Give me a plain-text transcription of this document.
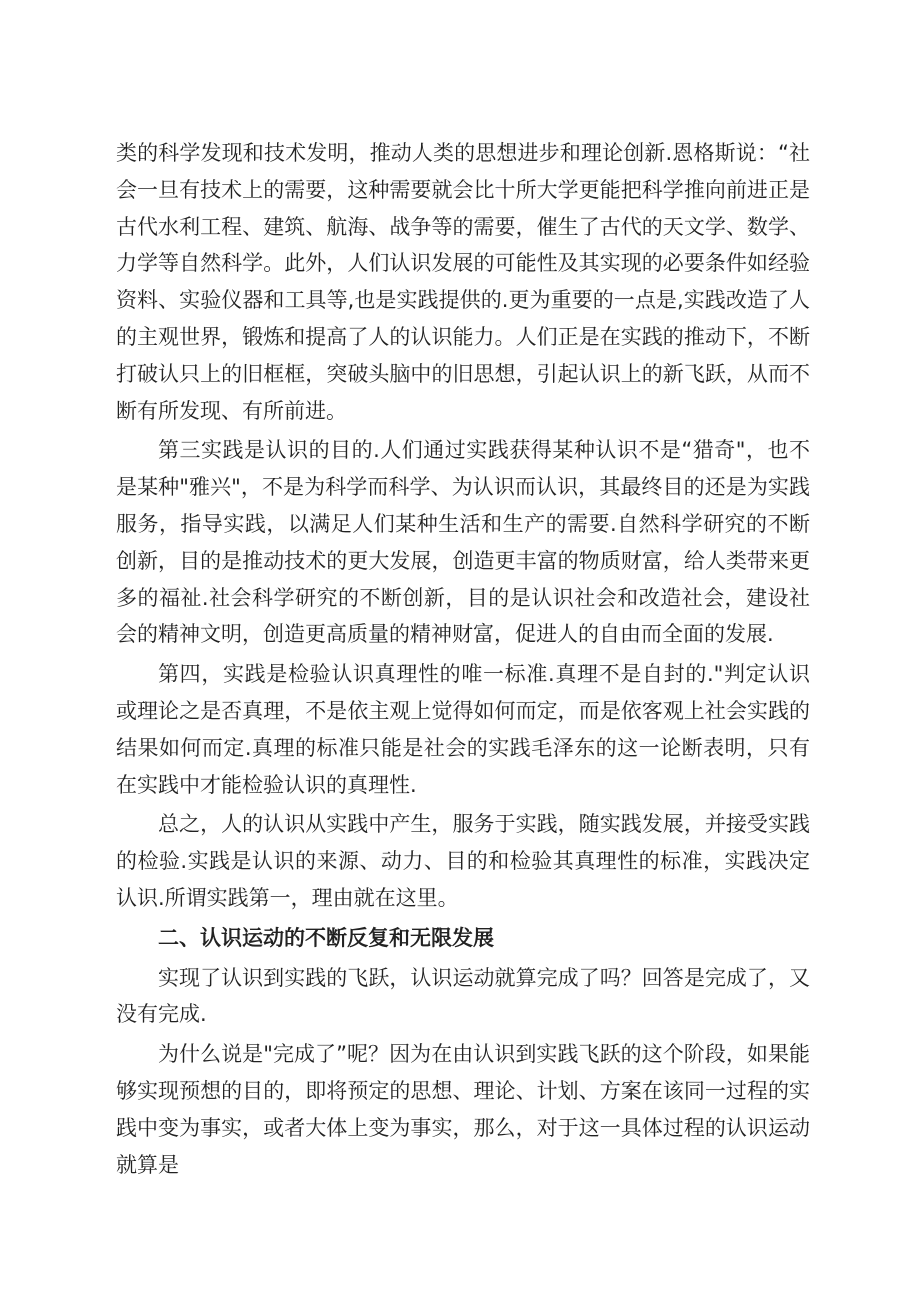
类的科学发现和技术发明，推动人类的思想进步和理论创新.恩格斯说：“社会一旦有技术上的需要，这种需要就会比十所大学更能把科学推向前进正是古代水利工程、建筑、航海、战争等的需要，催生了古代的天文学、数学、力学等自然科学。此外，人们认识发展的可能性及其实现的必要条件如经验资料、实验仪器和工具等,也是实践提供的.更为重要的一点是,实践改造了人的主观世界，锻炼和提高了人的认识能力。人们正是在实践的推动下，不断打破认只上的旧框框，突破头脑中的旧思想，引起认识上的新飞跃，从而不断有所发现、有所前进。

第三实践是认识的目的.人们通过实践获得某种认识不是“猎奇"，也不是某种"雅兴"，不是为科学而科学、为认识而认识，其最终目的还是为实践服务，指导实践，以满足人们某种生活和生产的需要.自然科学研究的不断创新，目的是推动技术的更大发展，创造更丰富的物质财富，给人类带来更多的福祉.社会科学研究的不断创新，目的是认识社会和改造社会，建设社会的精神文明，创造更高质量的精神财富，促进人的自由而全面的发展.

第四，实践是检验认识真理性的唯一标准.真理不是自封的."判定认识或理论之是否真理，不是依主观上觉得如何而定，而是依客观上社会实践的结果如何而定.真理的标准只能是社会的实践毛泽东的这一论断表明，只有在实践中才能检验认识的真理性.

总之，人的认识从实践中产生，服务于实践，随实践发展，并接受实践的检验.实践是认识的来源、动力、目的和检验其真理性的标准，实践决定认识.所谓实践第一，理由就在这里。

二、认识运动的不断反复和无限发展

实现了认识到实践的飞跃，认识运动就算完成了吗？回答是完成了，又没有完成.

为什么说是"完成了”呢？因为在由认识到实践飞跃的这个阶段，如果能够实现预想的目的，即将预定的思想、理论、计划、方案在该同一过程的实践中变为事实，或者大体上变为事实，那么，对于这一具体过程的认识运动就算是
